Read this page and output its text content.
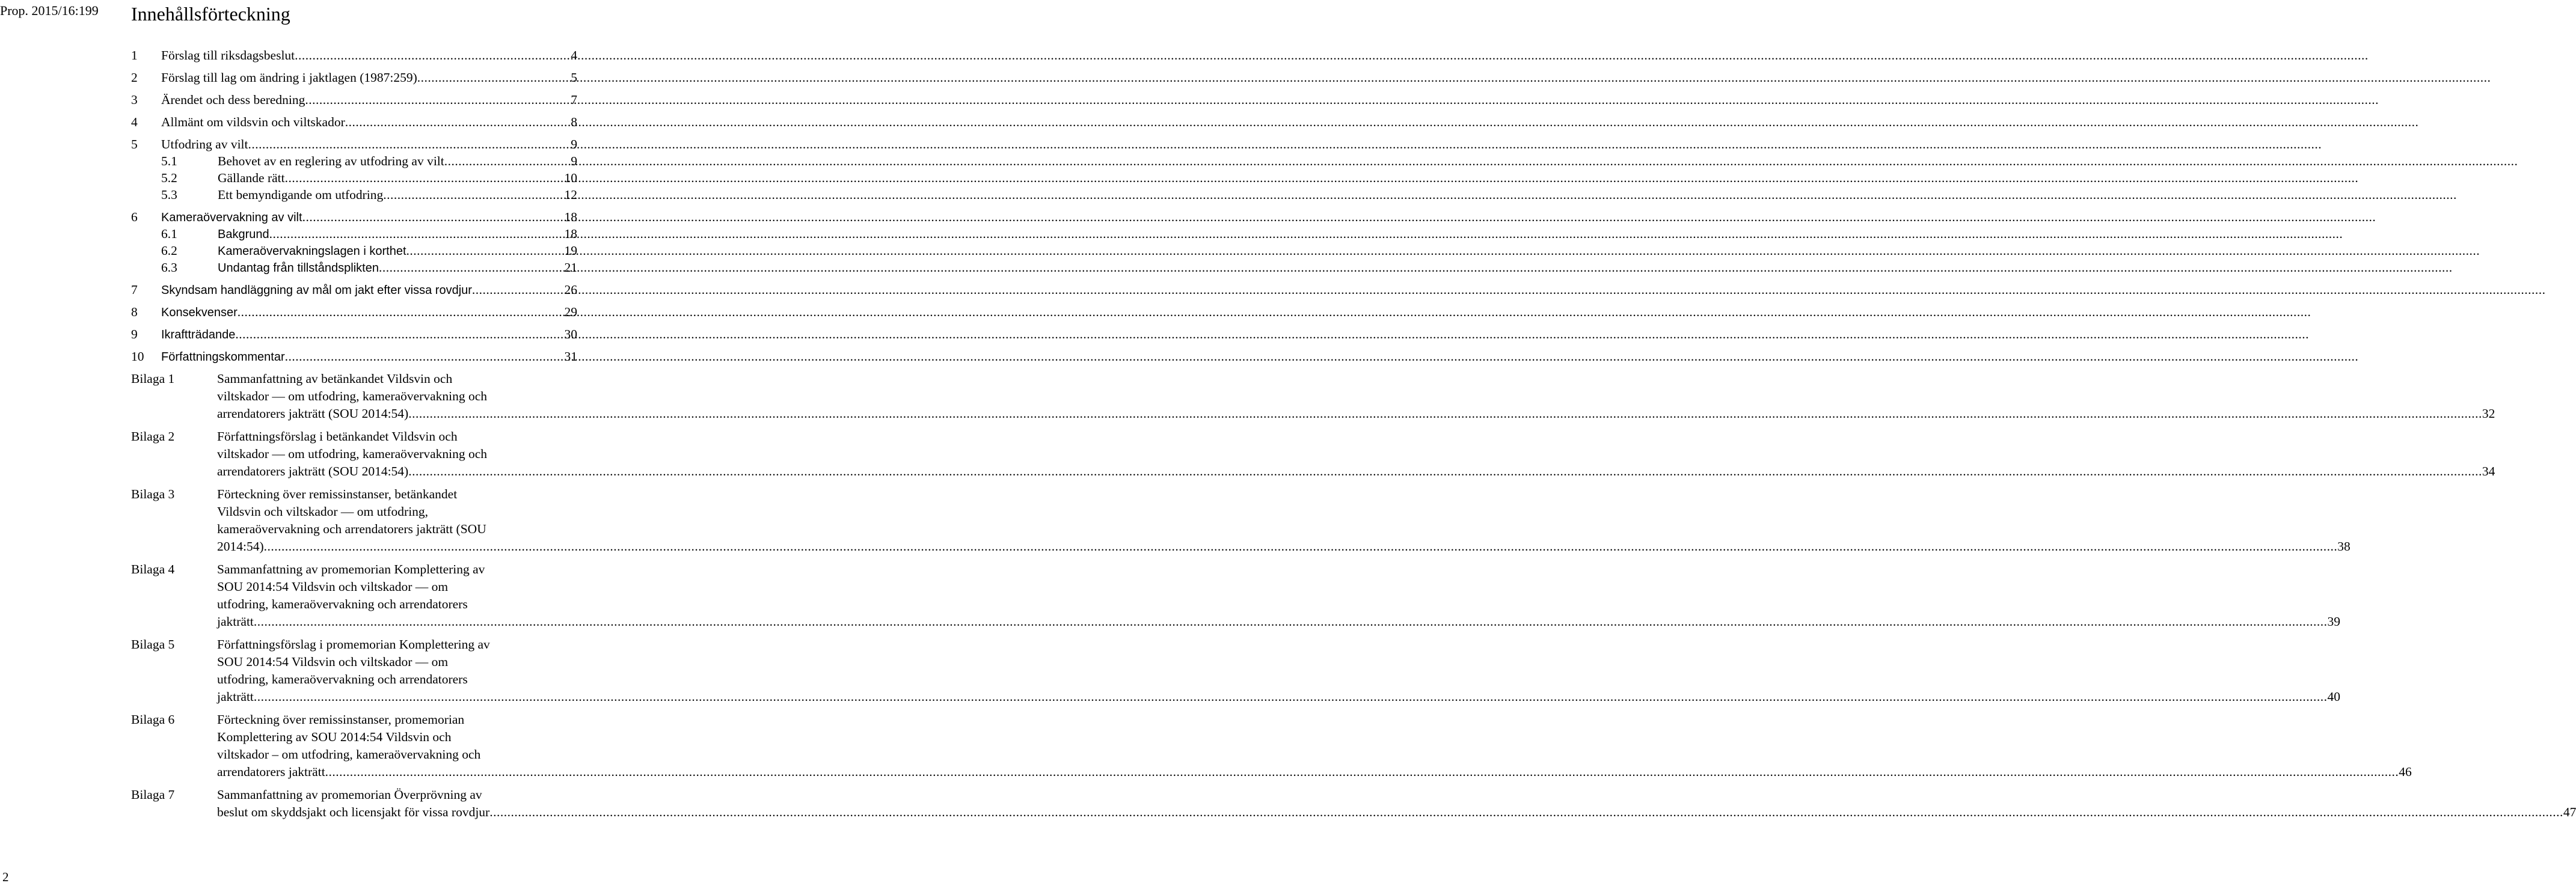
Prop. 2015/16:199 Innehållsförteckning
1	Förslag till riksdagsbeslut .....	4
2	Förslag till lag om ändring i jaktlagen (1987:259) .....	5
3	Ärendet och dess beredning .....	7
4	Allmänt om vildsvin och viltskador .....	8
5	Utfodring av vilt .....	9
5.1	Behovet av en reglering av utfodring av vilt .....	9
5.2	Gällande rätt .....	10
5.3	Ett bemyndigande om utfodring .....	12
6	Kameraövervakning av vilt .....	18
6.1	Bakgrund .....	18
6.2	Kameraövervakningslagen i korthet .....	19
6.3	Undantag från tillståndsplikten .....	21
7	Skyndsam handläggning av mål om jakt efter vissa rovdjur .....	26
8	Konsekvenser .....	29
9	Ikraftträdande .....	30
10	Författningskommentar .....	31
Bilaga 1	Sammanfattning av betänkandet Vildsvin och
viltskador — om utfodring, kameraövervakning och
arrendatorers jakträtt (SOU 2014:54) .....	32
Bilaga 2	Författningsförslag i betänkandet Vildsvin och
viltskador — om utfodring, kameraövervakning och
arrendatorers jakträtt (SOU 2014:54) .....	34
Bilaga 3	Förteckning över remissinstanser, betänkandet
Vildsvin och viltskador — om utfodring,
kameraövervakning och arrendatorers jakträtt (SOU
2014:54) .....	38
Bilaga 4	Sammanfattning av promemorian Komplettering av
SOU 2014:54 Vildsvin och viltskador — om
utfodring, kameraövervakning och arrendatorers
jakträtt .....	39
Bilaga 5	Författningsförslag i promemorian Komplettering av
SOU 2014:54 Vildsvin och viltskador — om
utfodring, kameraövervakning och arrendatorers
jakträtt .....	40
Bilaga 6	Förteckning över remissinstanser, promemorian
Komplettering av SOU 2014:54 Vildsvin och
viltskador – om utfodring, kameraövervakning och
arrendatorers jakträtt .....	46
Bilaga 7	Sammanfattning av promemorian Överprövning av
beslut om skyddsjakt och licensjakt för vissa rovdjur .....	47
2
